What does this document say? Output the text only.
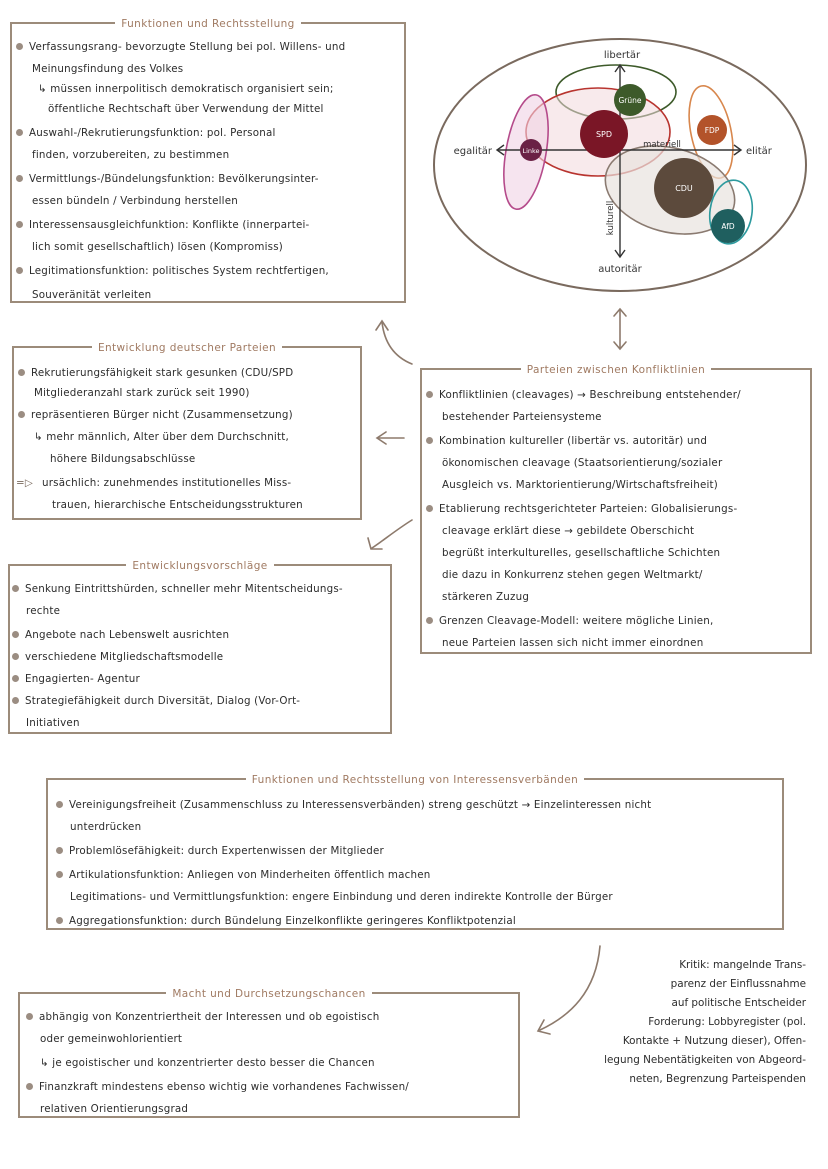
Funktionen und Rechtsstellung
Verfassungsrang- bevorzugte Stellung bei pol. Willens- und
Meinungsfindung des Volkes
↳ müssen innerpolitisch demokratisch organisiert sein;
öffentliche Rechtschaft über Verwendung der Mittel
Auswahl-/Rekrutierungsfunktion: pol. Personal
finden, vorzubereiten, zu bestimmen
Vermittlungs-/Bündelungsfunktion: Bevölkerungsinter-
essen bündeln / Verbindung herstellen
Interessensausgleichfunktion: Konflikte (innerpartei-
lich somit gesellschaftlich) lösen (Kompromiss)
Legitimationsfunktion: politisches System rechtfertigen,
Souveränität verleiten
Grüne
SPD	FDP
Linke
CDU
AfD
libertär
autoritär
egalitär	elitär
materiell
kulturell
Entwicklung deutscher Parteien
Rekrutierungsfähigkeit stark gesunken (CDU/SPD
Mitgliederanzahl stark zurück seit 1990)
repräsentieren Bürger nicht (Zusammensetzung)
↳ mehr männlich, Alter über dem Durchschnitt,
höhere Bildungsabschlüsse
=▷ ursächlich: zunehmendes institutionelles Miss-
trauen, hierarchische Entscheidungsstrukturen
Entwicklungsvorschläge
Senkung Eintrittshürden, schneller mehr Mitentscheidungs-
rechte
Angebote nach Lebenswelt ausrichten
verschiedene Mitgliedschaftsmodelle
Engagierten- Agentur
Strategiefähigkeit durch Diversität, Dialog (Vor-Ort-
Initiativen
Parteien zwischen Konfliktlinien
Konfliktlinien (cleavages) → Beschreibung entstehender/
bestehender Parteiensysteme
Kombination kultureller (libertär vs. autoritär) und
ökonomischen cleavage (Staatsorientierung/sozialer
Ausgleich vs. Marktorientierung/Wirtschaftsfreiheit)
Etablierung rechtsgerichteter Parteien: Globalisierungs-
cleavage erklärt diese → gebildete Oberschicht
begrüßt interkulturelles, gesellschaftliche Schichten
die dazu in Konkurrenz stehen gegen Weltmarkt/
stärkeren Zuzug
Grenzen Cleavage-Modell: weitere mögliche Linien,
neue Parteien lassen sich nicht immer einordnen
Funktionen und Rechtsstellung von Interessensverbänden
Vereinigungsfreiheit (Zusammenschluss zu Interessensverbänden) streng geschützt → Einzelinteressen nicht
unterdrücken
Problemlösefähigkeit: durch Expertenwissen der Mitglieder
Artikulationsfunktion: Anliegen von Minderheiten öffentlich machen
Legitimations- und Vermittlungsfunktion: engere Einbindung und deren indirekte Kontrolle der Bürger
Aggregationsfunktion: durch Bündelung Einzelkonflikte geringeres Konfliktpotenzial
Macht und Durchsetzungschancen
abhängig von Konzentriertheit der Interessen und ob egoistisch
oder gemeinwohlorientiert
↳ je egoistischer und konzentrierter desto besser die Chancen
Finanzkraft mindestens ebenso wichtig wie vorhandenes Fachwissen/
relativen Orientierungsgrad
Kritik: mangelnde Trans-
parenz der Einflussnahme
auf politische Entscheider
Forderung: Lobbyregister (pol.
Kontakte + Nutzung dieser), Offen-
legung Nebentätigkeiten von Abgeord-
neten, Begrenzung Parteispenden
